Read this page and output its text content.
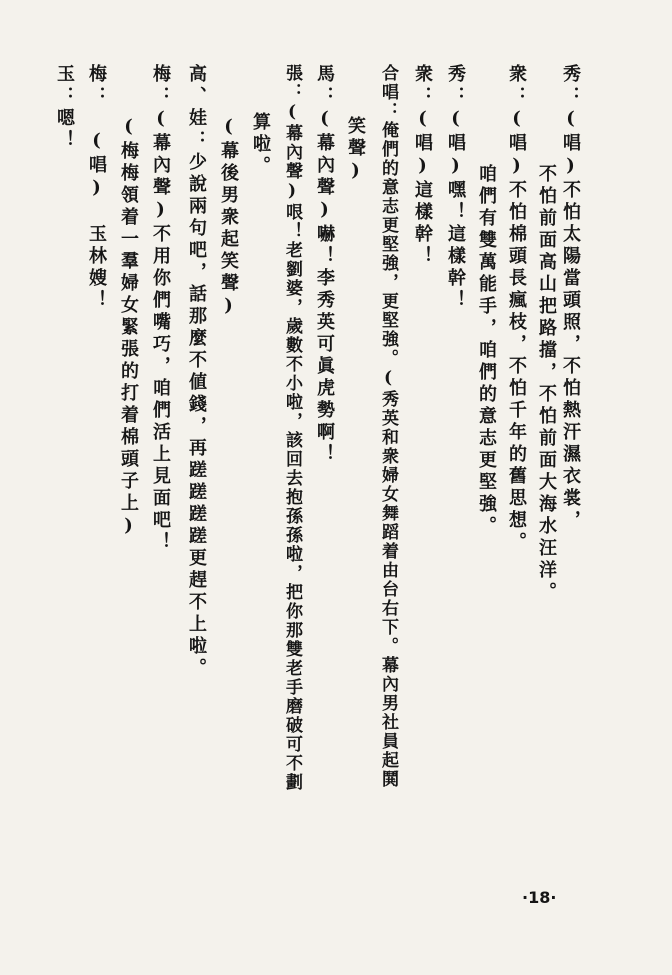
秀：(唱)不怕太陽當頭照，不怕熱汗濕衣裳，
不怕前面高山把路擋，不怕前面大海水汪洋。
衆：(唱)不怕棉頭長瘋枝，不怕千年的舊思想。
咱們有雙萬能手，咱們的意志更堅強。
秀：(唱)嘿！這樣幹！
衆：(唱)這樣幹！
合唱：俺們的意志更堅強，更堅強。(秀英和衆婦女舞蹈着由台右下。幕內男社員起鬨
笑聲)
馬：(幕內聲)嚇！李秀英可眞虎勢啊！
張：(幕內聲)哏！老劉婆，歲數不小啦，該回去抱孫孫啦，把你那雙老手磨破可不劃
算啦。
(幕後男衆起笑聲)
高、娃：少說兩句吧，話那麼不値錢，再蹉蹉蹉蹉更趕不上啦。
梅：(幕內聲)不用你們嘴巧，咱們活上見面吧！
(梅梅領着一羣婦女緊張的打着棉頭子上)
梅：　(唱)　玉林嫂！
玉：嗯！
·18·
